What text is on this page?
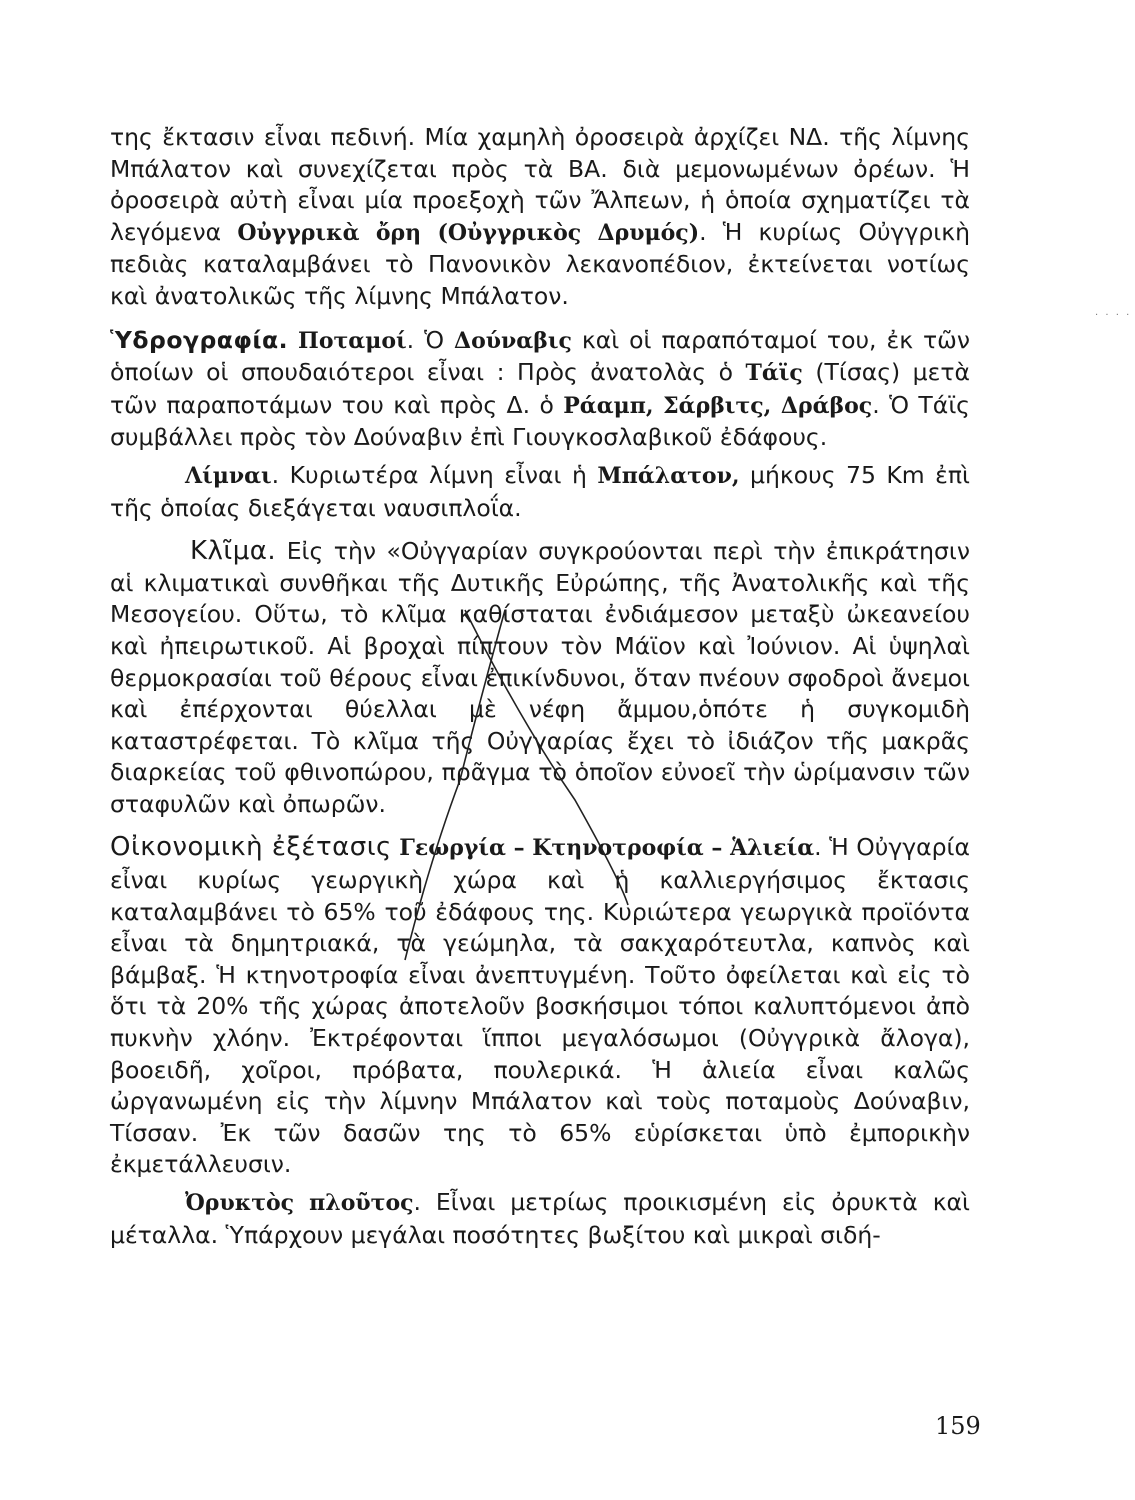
της ἔκτασιν εἶναι πεδινή. Μία χαμηλὴ ὀροσειρὰ ἀρχίζει ΝΔ. τῆς λίμνης Μπάλατον καὶ συνεχίζεται πρὸς τὰ ΒΑ. διὰ μεμονωμένων ὀρέων. Ἡ ὀροσειρὰ αὐτὴ εἶναι μία προεξοχὴ τῶν Ἄλπεων, ἡ ὁποία σχηματίζει τὰ λεγόμενα Οὐγγρικὰ ὄρη (Οὐγγρικὸς Δρυμός). Ἡ κυρίως Οὐγγρικὴ πεδιὰς καταλαμβάνει τὸ Πανονικὸν λεκανοπέδιον, ἐκτείνεται νοτίως καὶ ἀνατολικῶς τῆς λίμνης Μπάλατον.

Ὑδρογραφία. Ποταμοί. Ὁ Δούναβις καὶ οἱ παραπόταμοί του, ἐκ τῶν ὁποίων οἱ σπουδαιότεροι εἶναι : Πρὸς ἀνατολὰς ὁ Τάϊς (Τίσας) μετὰ τῶν παραποτάμων του καὶ πρὸς Δ. ὁ Ράαμπ, Σάρβιτς, Δράβος. Ὁ Τάϊς συμβάλλει πρὸς τὸν Δούναβιν ἐπὶ Γιουγκοσλαβικοῦ ἐδάφους.

Λίμναι. Κυριωτέρα λίμνη εἶναι ἡ Μπάλατον, μήκους 75 Km ἐπὶ τῆς ὁποίας διεξάγεται ναυσιπλοΐα.

Κλῖμα. Εἰς τὴν «Οὐγγαρίαν συγκρούονται περὶ τὴν ἐπικράτησιν αἱ κλιματικαὶ συνθῆκαι τῆς Δυτικῆς Εὐρώπης, τῆς Ἀνατολικῆς καὶ τῆς Μεσογείου. Οὕτω, τὸ κλῖμα καθίσταται ἐνδιάμεσον μεταξὺ ὠκεανείου καὶ ἠπειρωτικοῦ. Αἱ βροχαὶ πίπτουν τὸν Μάϊον καὶ Ἰούνιον. Αἱ ὑψηλαὶ θερμοκρασίαι τοῦ θέρους εἶναι ἐπικίνδυνοι, ὅταν πνέουν σφοδροὶ ἄνεμοι καὶ ἐπέρχονται θύελλαι μὲ νέφη ἄμμου,ὁπότε ἡ συγκομιδὴ καταστρέφεται. Τὸ κλῖμα τῆς Οὐγγαρίας ἔχει τὸ ἰδιάζον τῆς μακρᾶς διαρκείας τοῦ φθινοπώρου, πρᾶγμα τὸ ὁποῖον εὐνοεῖ τὴν ὡρίμανσιν τῶν σταφυλῶν καὶ ὀπωρῶν.

Οἰκονομικὴ ἐξέτασις Γεωργία – Κτηνοτροφία – Ἁλιεία. Ἡ Οὐγγαρία εἶναι κυρίως γεωργικὴ χώρα καὶ ἡ καλλιεργήσιμος ἔκτασις καταλαμβάνει τὸ 65% τοῦ ἐδάφους της. Κυριώτερα γεωργικὰ προϊόντα εἶναι τὰ δημητριακά, τὰ γεώμηλα, τὰ σακχαρότευτλα, καπνὸς καὶ βάμβαξ. Ἡ κτηνοτροφία εἶναι ἀνεπτυγμένη. Τοῦτο ὀφείλεται καὶ εἰς τὸ ὅτι τὰ 20% τῆς χώρας ἀποτελοῦν βοσκήσιμοι τόποι καλυπτόμενοι ἀπὸ πυκνὴν χλόην. Ἐκτρέφονται ἵπποι μεγαλόσωμοι (Οὐγγρικὰ ἄλογα), βοοειδῆ, χοῖροι, πρόβατα, πουλερικά. Ἡ ἁλιεία εἶναι καλῶς ὠργανωμένη εἰς τὴν λίμνην Μπάλατον καὶ τοὺς ποταμοὺς Δούναβιν, Τίσσαν. Ἐκ τῶν δασῶν της τὸ 65% εὑρίσκεται ὑπὸ ἐμπορικὴν ἐκμετάλλευσιν.

Ὀρυκτὸς πλοῦτος. Εἶναι μετρίως προικισμένη εἰς ὀρυκτὰ καὶ μέταλλα. Ὑπάρχουν μεγάλαι ποσότητες βωξίτου καὶ μικραὶ σιδή-

159
· · · ·
